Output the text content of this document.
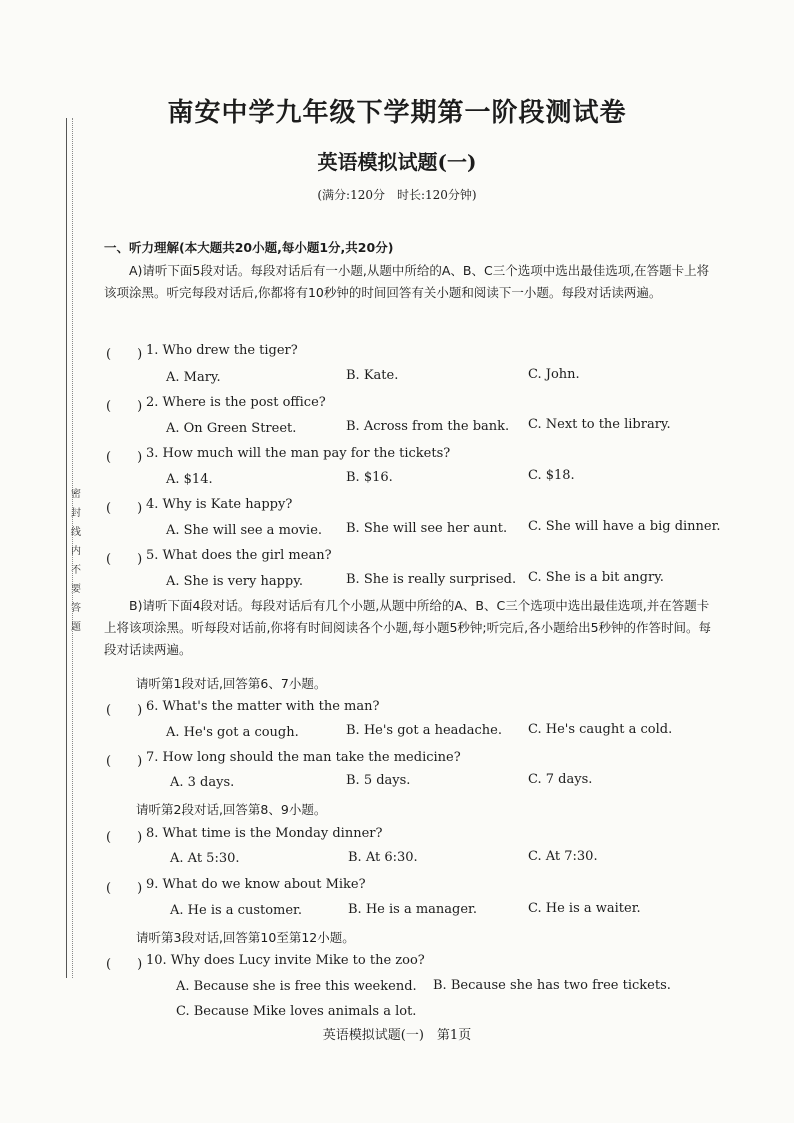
密封线内不要答题
南安中学九年级下学期第一阶段测试卷
英语模拟试题(一)
(满分:120分　时长:120分钟)
一、听力理解(本大题共20小题,每小题1分,共20分)
A)请听下面5段对话。每段对话后有一小题,从题中所给的A、B、C三个选项中选出最佳选项,在答题卡上将该项涂黑。听完每段对话后,你都将有10秒钟的时间回答有关小题和阅读下一小题。每段对话读两遍。
(　　) 1. Who drew the tiger?
A. Mary.	B. Kate.	C. John.
(　　) 2. Where is the post office?
A. On Green Street.	B. Across from the bank. C. Next to the library.
(　　) 3. How much will the man pay for the tickets?
A. $14.	B. $16.	C. $18.
(　　) 4. Why is Kate happy?
A. She will see a movie. B. She will see her aunt. C. She will have a big dinner.
(　　) 5. What does the girl mean?
A. She is very happy.	B. She is really surprised. C. She is a bit angry.
B)请听下面4段对话。每段对话后有几个小题,从题中所给的A、B、C三个选项中选出最佳选项,并在答题卡上将该项涂黑。听每段对话前,你将有时间阅读各个小题,每小题5秒钟;听完后,各小题给出5秒钟的作答时间。每段对话读两遍。
请听第1段对话,回答第6、7小题。
(　　) 6. What's the matter with the man?
A. He's got a cough.	B. He's got a headache. C. He's caught a cold.
(　　) 7. How long should the man take the medicine?
A. 3 days.	B. 5 days.	C. 7 days.
请听第2段对话,回答第8、9小题。
(　　) 8. What time is the Monday dinner?
A. At 5:30.	B. At 6:30.	C. At 7:30.
(　　) 9. What do we know about Mike?
A. He is a customer.	B. He is a manager.	C. He is a waiter.
请听第3段对话,回答第10至第12小题。
(　　) 10. Why does Lucy invite Mike to the zoo?
A. Because she is free this weekend. B. Because she has two free tickets.
C. Because Mike loves animals a lot.
英语模拟试题(一)　第1页
